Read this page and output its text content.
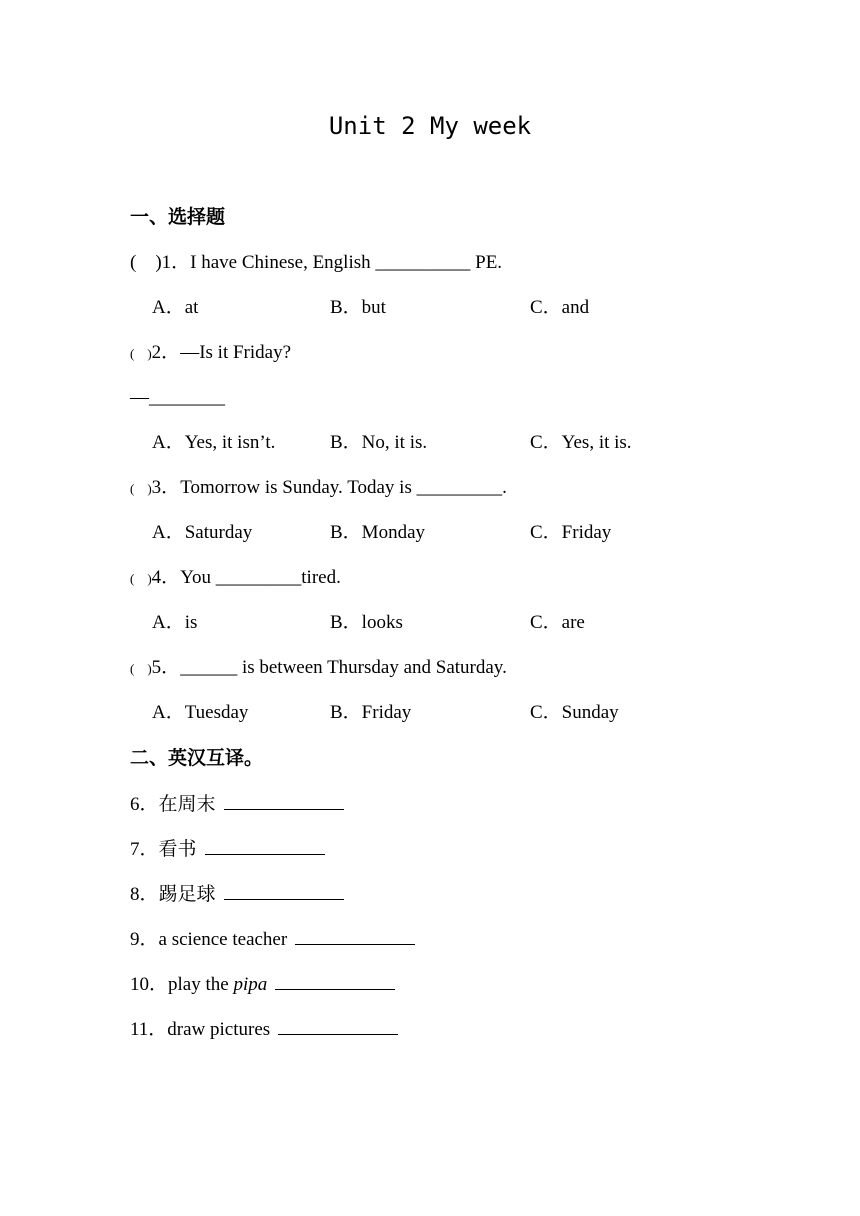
Unit 2 My week
一、选择题
(    )1．I have Chinese, English __________ PE.
A．at	B．but	C．and
(    )2．—Is it Friday?
—________
A．Yes, it isn’t.	B．No, it is.	C．Yes, it is.
(    )3．Tomorrow is Sunday. Today is _________.
A．Saturday	B．Monday	C．Friday
(    )4．You _________tired.
A．is	B．looks	C．are
(    )5．______ is between Thursday and Saturday.
A．Tuesday	B．Friday	C．Sunday
二、英汉互译。
6．在周末
7．看书
8．踢足球
9．a science teacher
10．play the pipa
11．draw pictures
